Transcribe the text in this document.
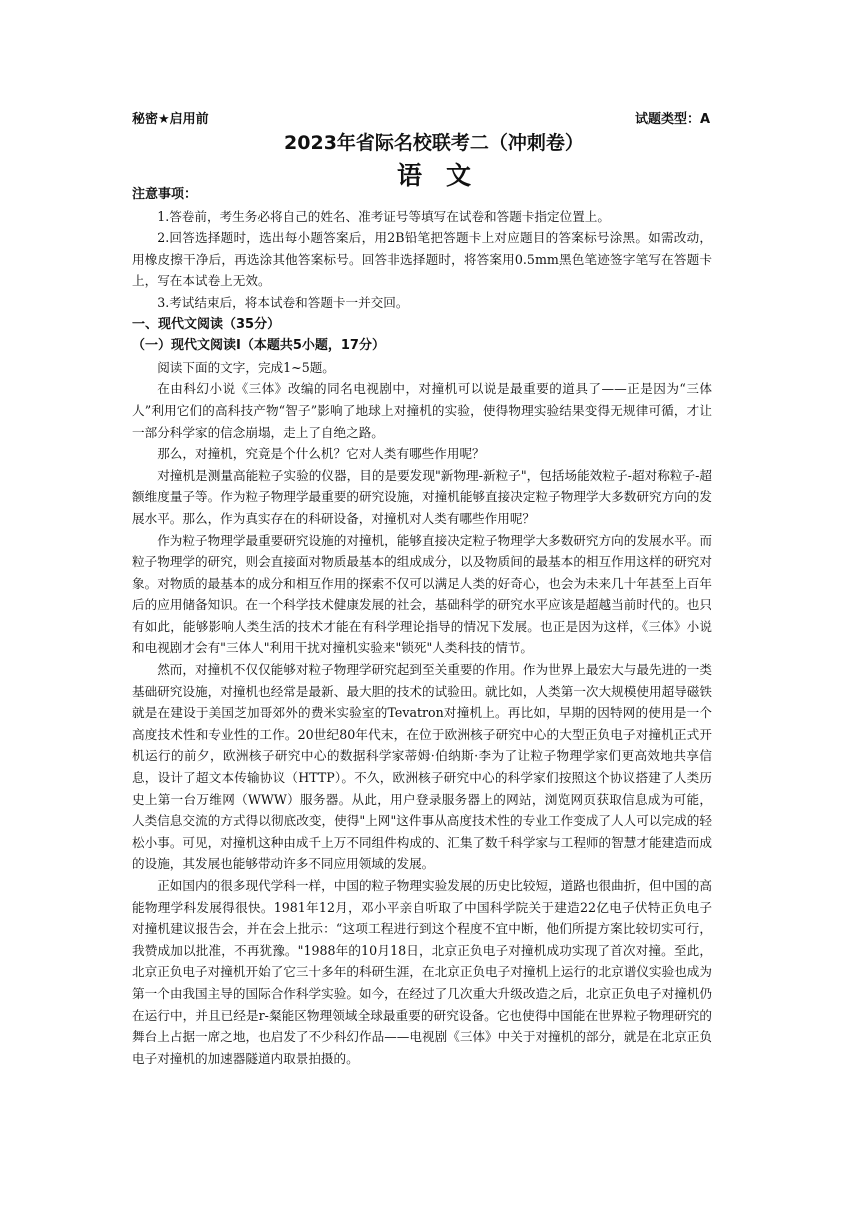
秘密★启用前	试题类型：A
2023年省际名校联考二（冲刺卷）
语文

注意事项：

1.答卷前，考生务必将自己的姓名、准考证号等填写在试卷和答题卡指定位置上。

2.回答选择题时，选出每小题答案后，用2B铅笔把答题卡上对应题目的答案标号涂黑。如需改动，用橡皮擦干净后，再选涂其他答案标号。回答非选择题时，将答案用0.5mm黑色笔迹签字笔写在答题卡上，写在本试卷上无效。

3.考试结束后，将本试卷和答题卡一并交回。

一、现代文阅读（35分）

（一）现代文阅读Ⅰ（本题共5小题，17分）

阅读下面的文字，完成1~5题。

在由科幻小说《三体》改编的同名电视剧中，对撞机可以说是最重要的道具了——正是因为“三体人”利用它们的高科技产物“智子”影响了地球上对撞机的实验，使得物理实验结果变得无规律可循，才让一部分科学家的信念崩塌，走上了自绝之路。

那么，对撞机，究竟是个什么机？它对人类有哪些作用呢？

对撞机是测量高能粒子实验的仪器，目的是要发现"新物理-新粒子"，包括场能效粒子-超对称粒子-超额维度量子等。作为粒子物理学最重要的研究设施，对撞机能够直接决定粒子物理学大多数研究方向的发展水平。那么，作为真实存在的科研设备，对撞机对人类有哪些作用呢？

作为粒子物理学最重要研究设施的对撞机，能够直接决定粒子物理学大多数研究方向的发展水平。而粒子物理学的研究，则会直接面对物质最基本的组成成分，以及物质间的最基本的相互作用这样的研究对象。对物质的最基本的成分和相互作用的探索不仅可以满足人类的好奇心，也会为未来几十年甚至上百年后的应用储备知识。在一个科学技术健康发展的社会，基础科学的研究水平应该是超越当前时代的。也只有如此，能够影响人类生活的技术才能在有科学理论指导的情况下发展。也正是因为这样，《三体》小说和电视剧才会有"三体人"利用干扰对撞机实验来"锁死"人类科技的情节。

然而，对撞机不仅仅能够对粒子物理学研究起到至关重要的作用。作为世界上最宏大与最先进的一类基础研究设施，对撞机也经常是最新、最大胆的技术的试验田。就比如，人类第一次大规模使用超导磁铁就是在建设于美国芝加哥郊外的费米实验室的Tevatron对撞机上。再比如，早期的因特网的使用是一个高度技术性和专业性的工作。20世纪80年代末，在位于欧洲核子研究中心的大型正负电子对撞机正式开机运行的前夕，欧洲核子研究中心的数据科学家蒂姆·伯纳斯·李为了让粒子物理学家们更高效地共享信息，设计了超文本传输协议（HTTP）。不久，欧洲核子研究中心的科学家们按照这个协议搭建了人类历史上第一台万维网（WWW）服务器。从此，用户登录服务器上的网站，浏览网页获取信息成为可能，人类信息交流的方式得以彻底改变，使得"上网"这件事从高度技术性的专业工作变成了人人可以完成的轻松小事。可见，对撞机这种由成千上万不同组件构成的、汇集了数千科学家与工程师的智慧才能建造而成的设施，其发展也能够带动许多不同应用领域的发展。

正如国内的很多现代学科一样，中国的粒子物理实验发展的历史比较短，道路也很曲折，但中国的高能物理学科发展得很快。1981年12月，邓小平亲自听取了中国科学院关于建造22亿电子伏特正负电子对撞机建议报告会，并在会上批示：“这项工程进行到这个程度不宜中断，他们所提方案比较切实可行，我赞成加以批准，不再犹豫。"1988年的10月18日，北京正负电子对撞机成功实现了首次对撞。至此，北京正负电子对撞机开始了它三十多年的科研生涯，在北京正负电子对撞机上运行的北京谱仪实验也成为第一个由我国主导的国际合作科学实验。如今，在经过了几次重大升级改造之后，北京正负电子对撞机仍在运行中，并且已经是r-粲能区物理领域全球最重要的研究设备。它也使得中国能在世界粒子物理研究的舞台上占据一席之地，也启发了不少科幻作品——电视剧《三体》中关于对撞机的部分，就是在北京正负电子对撞机的加速器隧道内取景拍摄的。
